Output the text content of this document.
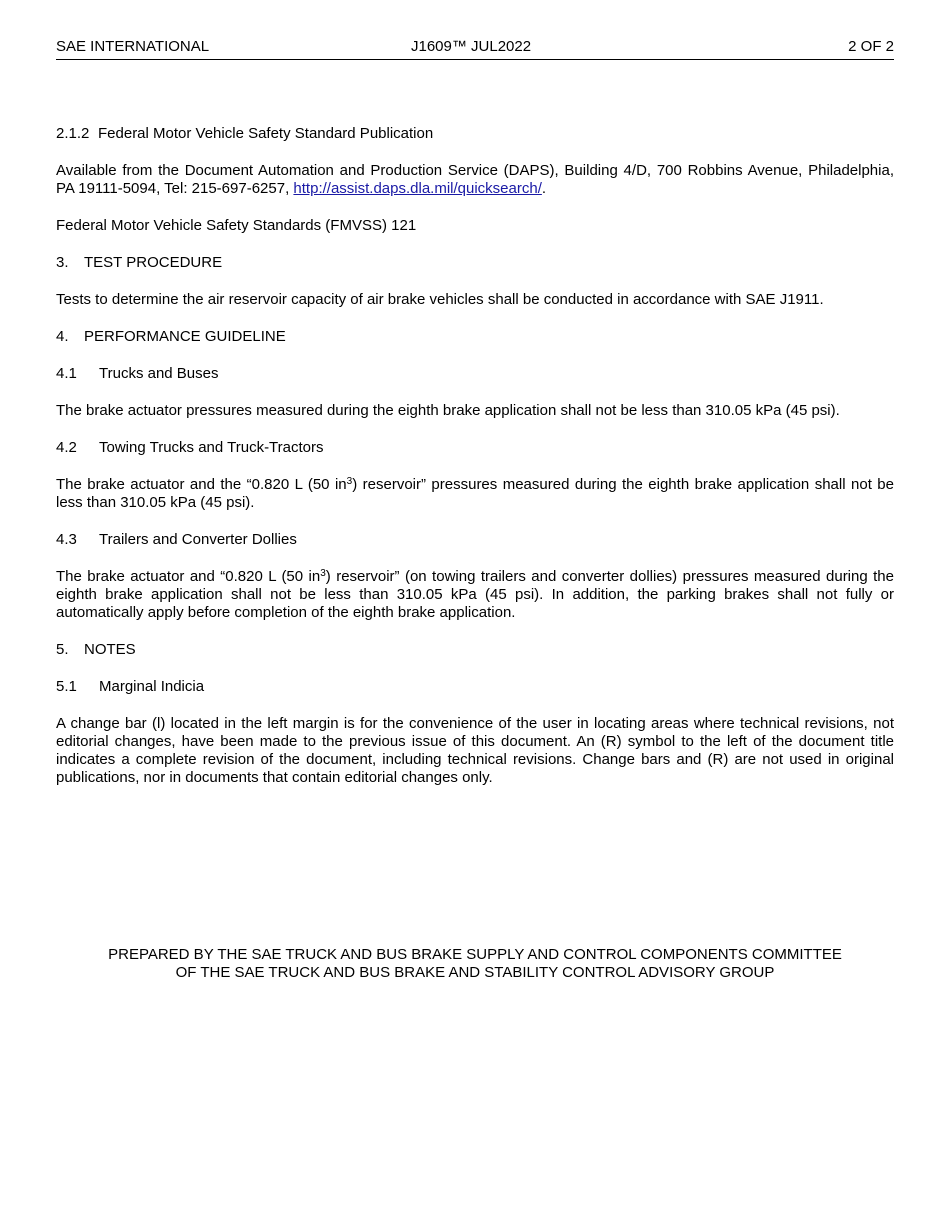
SAE INTERNATIONAL	J1609™ JUL2022	2 OF 2
2.1.2 Federal Motor Vehicle Safety Standard Publication

Available from the Document Automation and Production Service (DAPS), Building 4/D, 700 Robbins Avenue, Philadelphia, PA 19111-5094, Tel: 215-697-6257, http://assist.daps.dla.mil/quicksearch/.

Federal Motor Vehicle Safety Standards (FMVSS) 121

3. TEST PROCEDURE

Tests to determine the air reservoir capacity of air brake vehicles shall be conducted in accordance with SAE J1911.

4. PERFORMANCE GUIDELINE
4.1 Trucks and Buses

The brake actuator pressures measured during the eighth brake application shall not be less than 310.05 kPa (45 psi).

4.2 Towing Trucks and Truck-Tractors

The brake actuator and the “0.820 L (50 $in^3$) reservoir” pressures measured during the eighth brake application shall not be less than 310.05 kPa (45 psi).

4.3 Trailers and Converter Dollies

The brake actuator and “0.820 L (50 $in^3$) reservoir” (on towing trailers and converter dollies) pressures measured during the eighth brake application shall not be less than 310.05 kPa (45 psi). In addition, the parking brakes shall not fully or automatically apply before completion of the eighth brake application.

5. NOTES
5.1 Marginal Indicia

A change bar (l) located in the left margin is for the convenience of the user in locating areas where technical revisions, not editorial changes, have been made to the previous issue of this document. An (R) symbol to the left of the document title indicates a complete revision of the document, including technical revisions. Change bars and (R) are not used in original publications, nor in documents that contain editorial changes only.

PREPARED BY THE SAE TRUCK AND BUS BRAKE SUPPLY AND CONTROL COMPONENTS COMMITTEE
OF THE SAE TRUCK AND BUS BRAKE AND STABILITY CONTROL ADVISORY GROUP
